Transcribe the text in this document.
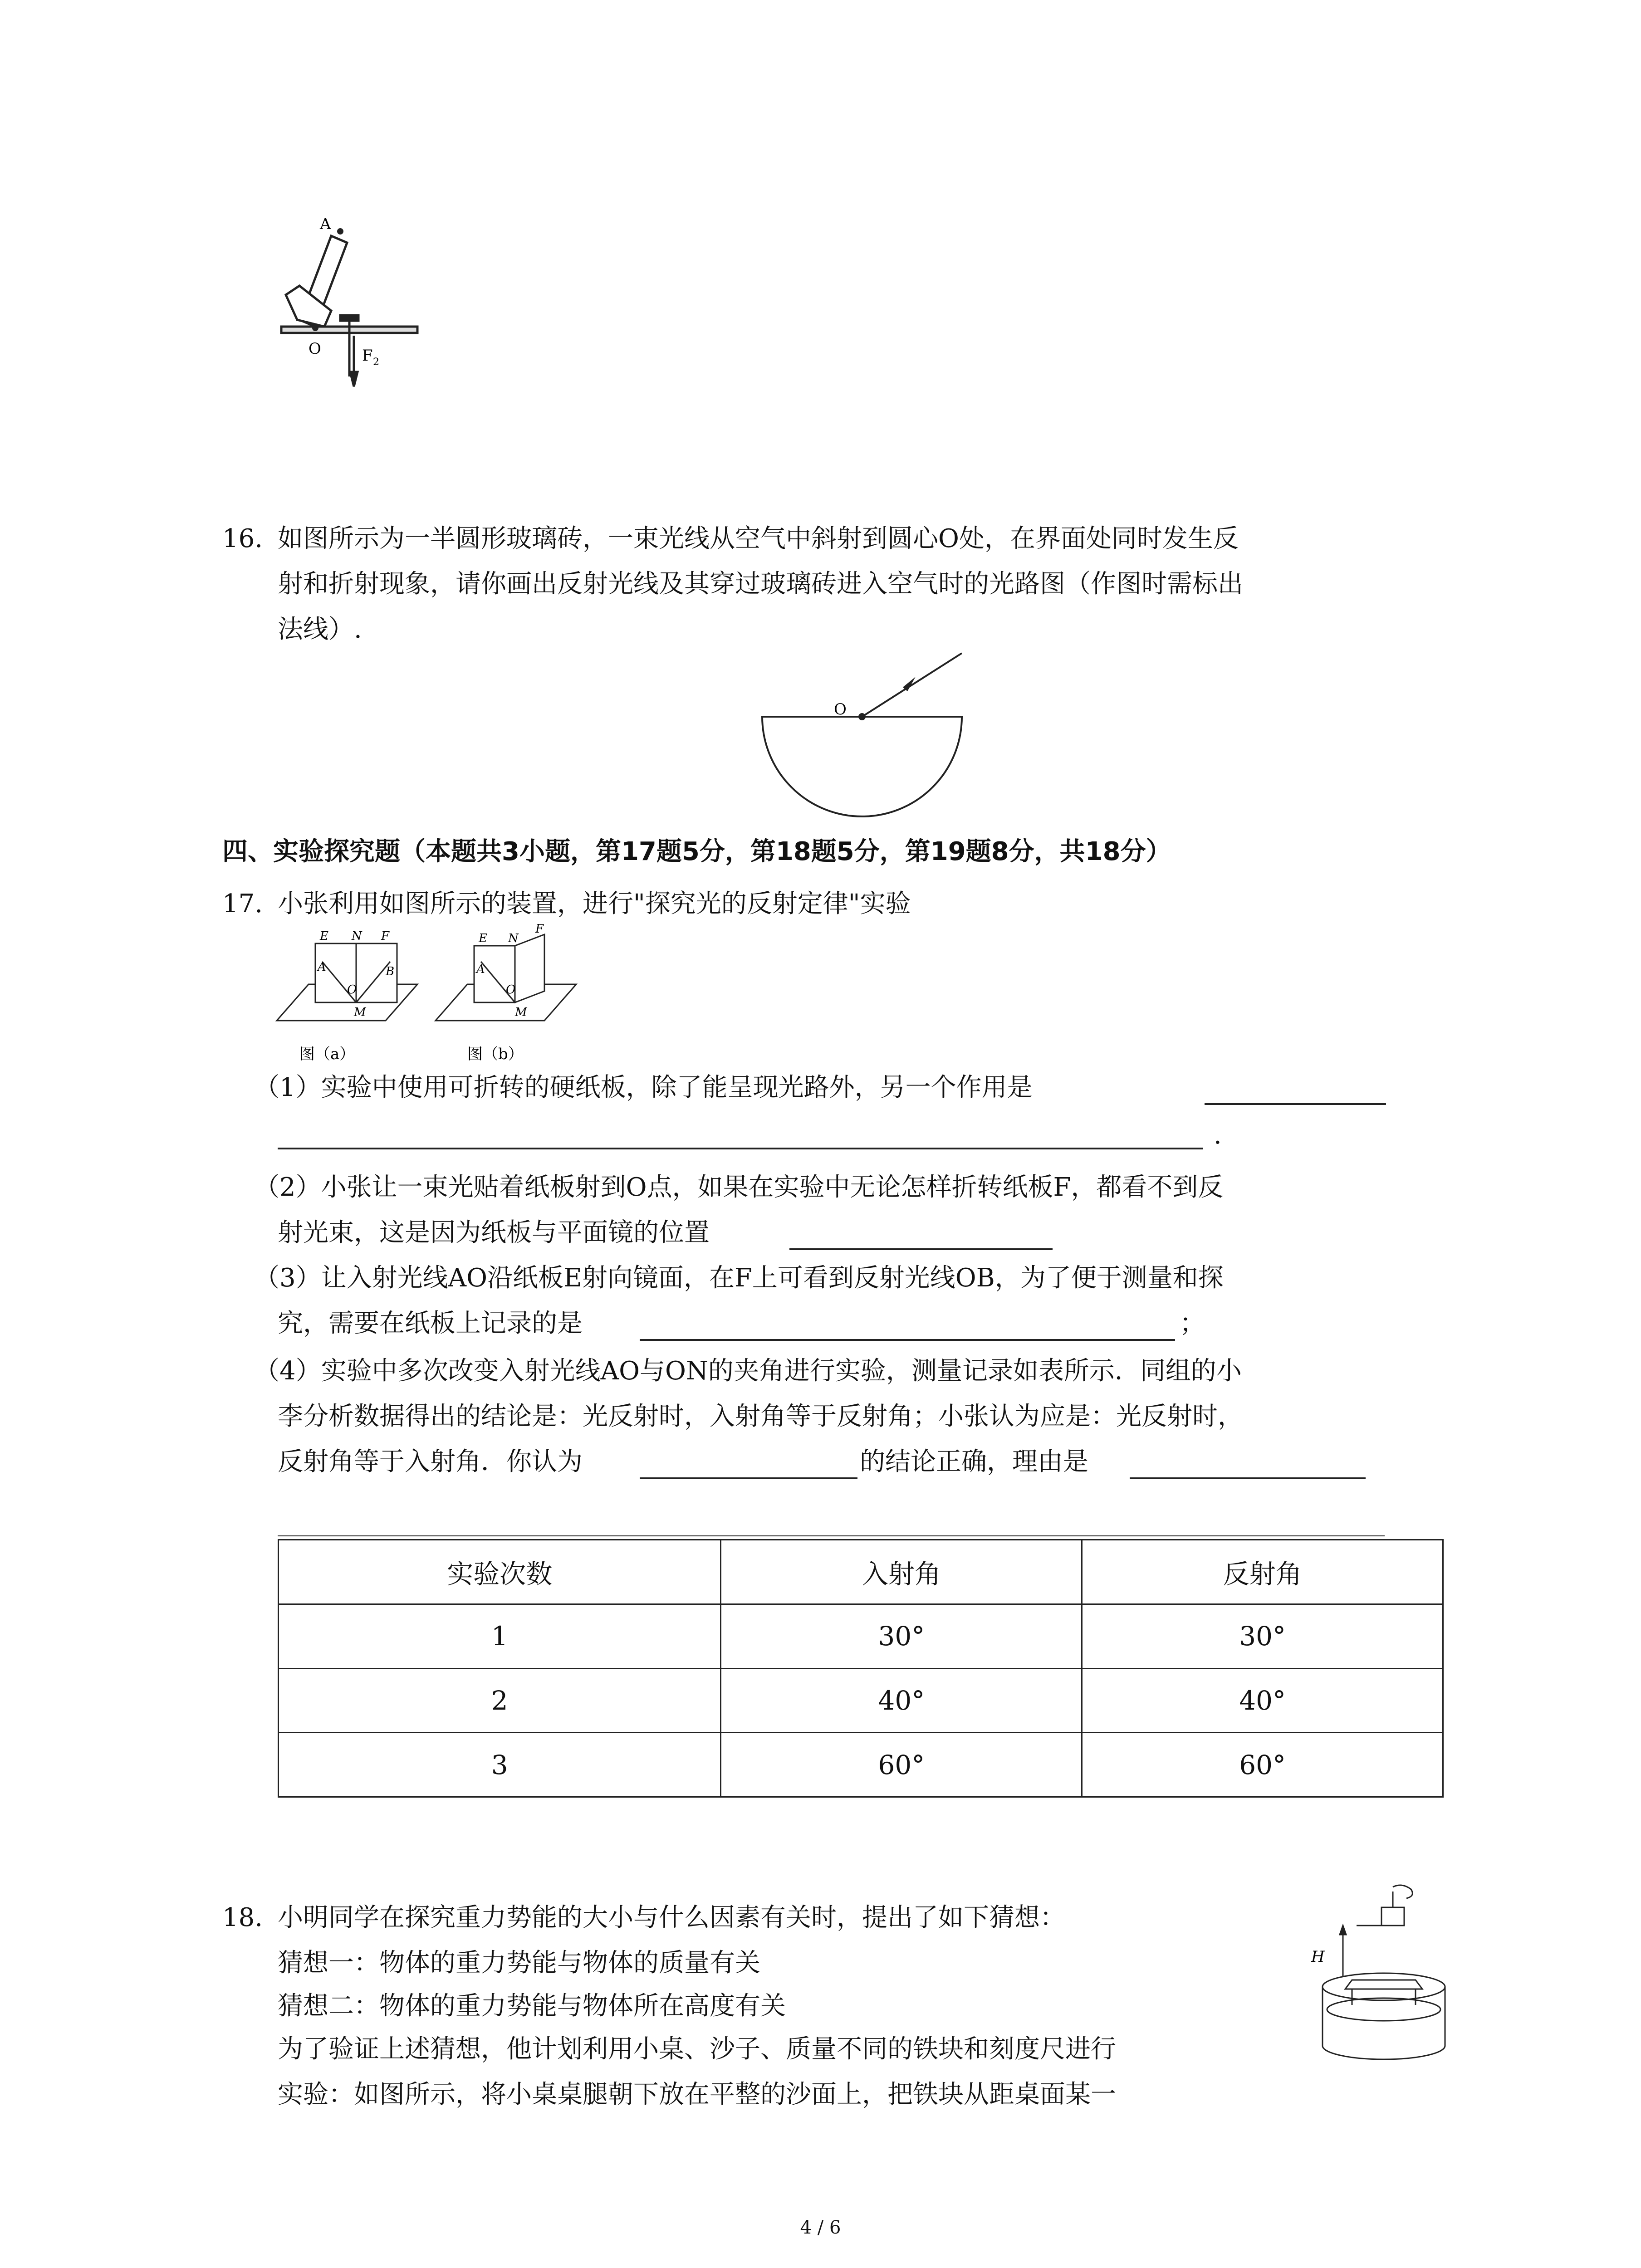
A
O	F 2
16. 如图所示为一半圆形玻璃砖，一束光线从空气中斜射到圆心O处，在界面处同时发生反
射和折射现象，请你画出反射光线及其穿过玻璃砖进入空气时的光路图（作图时需标出
法线）.
O
四、实验探究题（本题共3小题，第17题5分，第18题5分，第19题8分，共18分）
17. 小张利用如图所示的装置，进行"探究光的反射定律"实验
E N F
A	B
O
M
E N
F
A
O
M
图（a）	图（b）
（1）实验中使用可折转的硬纸板，除了能呈现光路外，另一个作用是
.
（2）小张让一束光贴着纸板射到O点，如果在实验中无论怎样折转纸板F，都看不到反
射光束，这是因为纸板与平面镜的位置
（3）让入射光线AO沿纸板E射向镜面，在F上可看到反射光线OB，为了便于测量和探
究，需要在纸板上记录的是	；
（4）实验中多次改变入射光线AO与ON的夹角进行实验，测量记录如表所示．同组的小
李分析数据得出的结论是：光反射时，入射角等于反射角；小张认为应是：光反射时，
反射角等于入射角．你认为	的结论正确，理由是
实验次数	入射角	反射角
1	30°	30°
2	40°	40°
3	60°	60°
18. 小明同学在探究重力势能的大小与什么因素有关时，提出了如下猜想：
猜想一：物体的重力势能与物体的质量有关
猜想二：物体的重力势能与物体所在高度有关
为了验证上述猜想，他计划利用小桌、沙子、质量不同的铁块和刻度尺进行
实验：如图所示，将小桌桌腿朝下放在平整的沙面上，把铁块从距桌面某一
H
4 / 6
